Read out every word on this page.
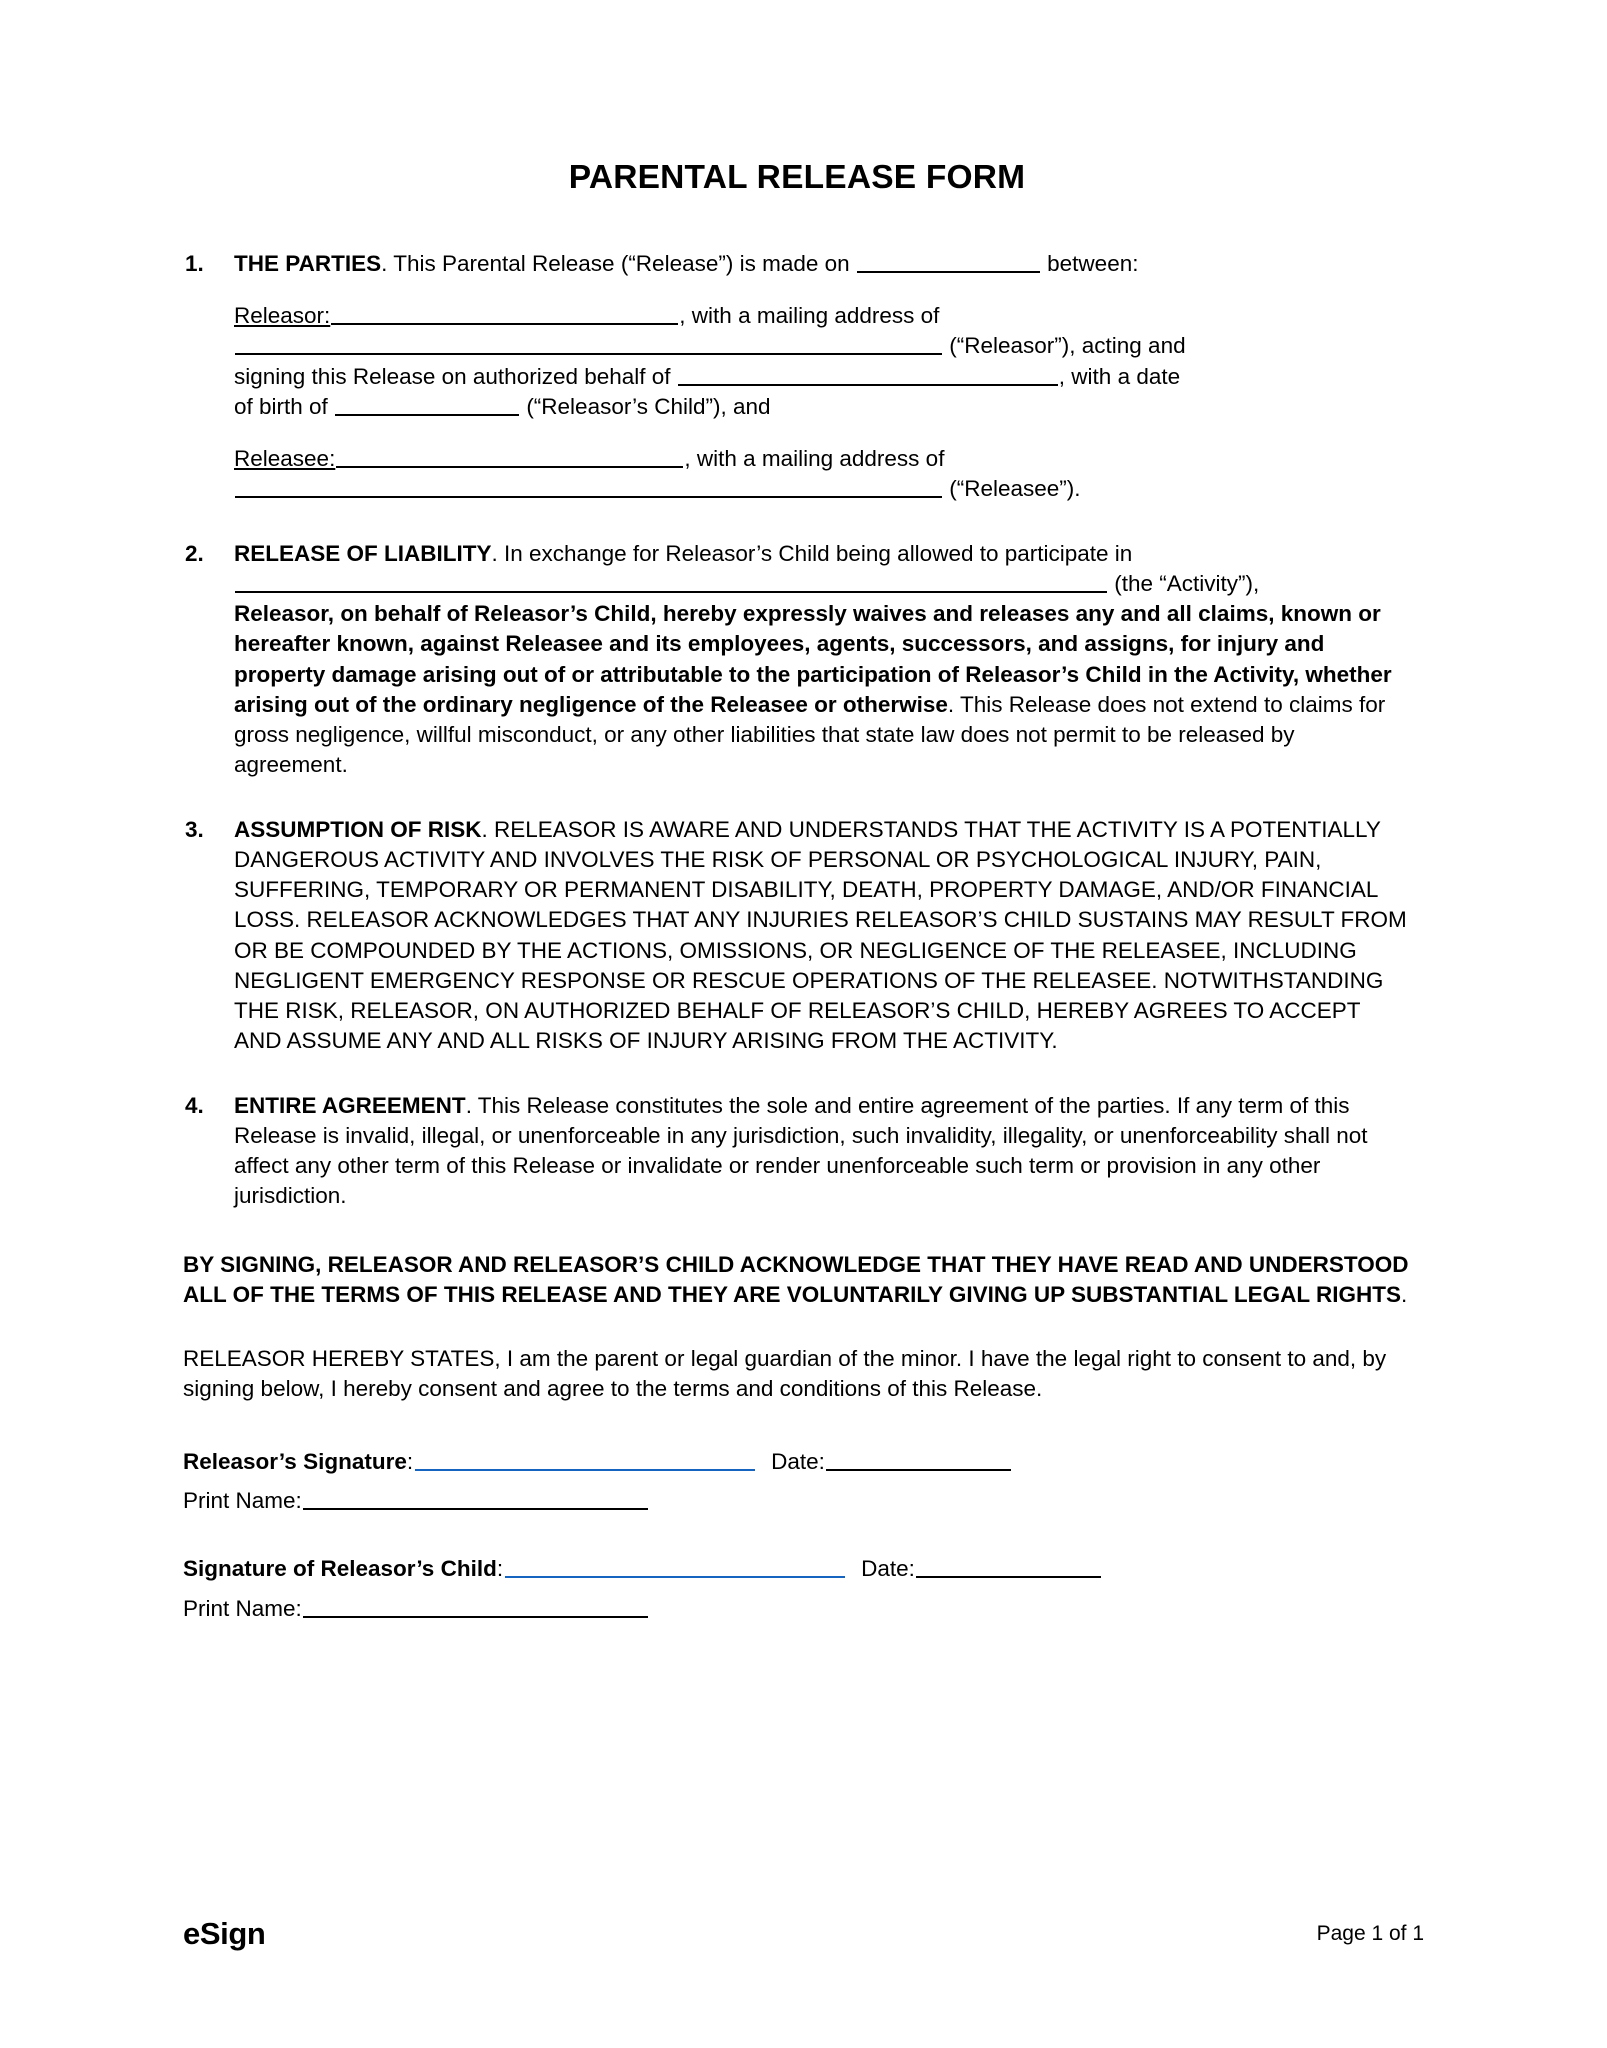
PARENTAL RELEASE FORM
1.	THE PARTIES. This Parental Release (“Release”) is made on	between:

Releasor:	, with a mailing address of

(“Releasor”), acting and

signing this Release on authorized behalf of	, with a date

of birth of	(“Releasor’s Child”), and

Releasee:	, with a mailing address of

(“Releasee”).

2.	RELEASE OF LIABILITY. In exchange for Releasor’s Child being allowed to participate in

(the “Activity”),

Releasor, on behalf of Releasor’s Child, hereby expressly waives and releases any and all claims, known or hereafter known, against Releasee and its employees, agents, successors, and assigns, for injury and property damage arising out of or attributable to the participation of Releasor’s Child in the Activity, whether arising out of the ordinary negligence of the Releasee or otherwise. This Release does not extend to claims for gross negligence, willful misconduct, or any other liabilities that state law does not permit to be released by agreement.

3.	ASSUMPTION OF RISK. RELEASOR IS AWARE AND UNDERSTANDS THAT THE ACTIVITY IS A POTENTIALLY DANGEROUS ACTIVITY AND INVOLVES THE RISK OF PERSONAL OR PSYCHOLOGICAL INJURY, PAIN, SUFFERING, TEMPORARY OR PERMANENT DISABILITY, DEATH, PROPERTY DAMAGE, AND/OR FINANCIAL LOSS. RELEASOR ACKNOWLEDGES THAT ANY INJURIES RELEASOR’S CHILD SUSTAINS MAY RESULT FROM OR BE COMPOUNDED BY THE ACTIONS, OMISSIONS, OR NEGLIGENCE OF THE RELEASEE, INCLUDING NEGLIGENT EMERGENCY RESPONSE OR RESCUE OPERATIONS OF THE RELEASEE. NOTWITHSTANDING THE RISK, RELEASOR, ON AUTHORIZED BEHALF OF RELEASOR’S CHILD, HEREBY AGREES TO ACCEPT AND ASSUME ANY AND ALL RISKS OF INJURY ARISING FROM THE ACTIVITY.

4.	ENTIRE AGREEMENT. This Release constitutes the sole and entire agreement of the parties. If any term of this Release is invalid, illegal, or unenforceable in any jurisdiction, such invalidity, illegality, or unenforceability shall not affect any other term of this Release or invalidate or render unenforceable such term or provision in any other jurisdiction.

BY SIGNING, RELEASOR AND RELEASOR’S CHILD ACKNOWLEDGE THAT THEY HAVE READ AND UNDERSTOOD ALL OF THE TERMS OF THIS RELEASE AND THEY ARE VOLUNTARILY GIVING UP SUBSTANTIAL LEGAL RIGHTS.

RELEASOR HEREBY STATES, I am the parent or legal guardian of the minor. I have the legal right to consent to and, by signing below, I hereby consent and agree to the terms and conditions of this Release.

Releasor’s Signature:	Date:

Print Name:

Signature of Releasor’s Child:	Date:

Print Name:

eSign	Page 1 of 1
